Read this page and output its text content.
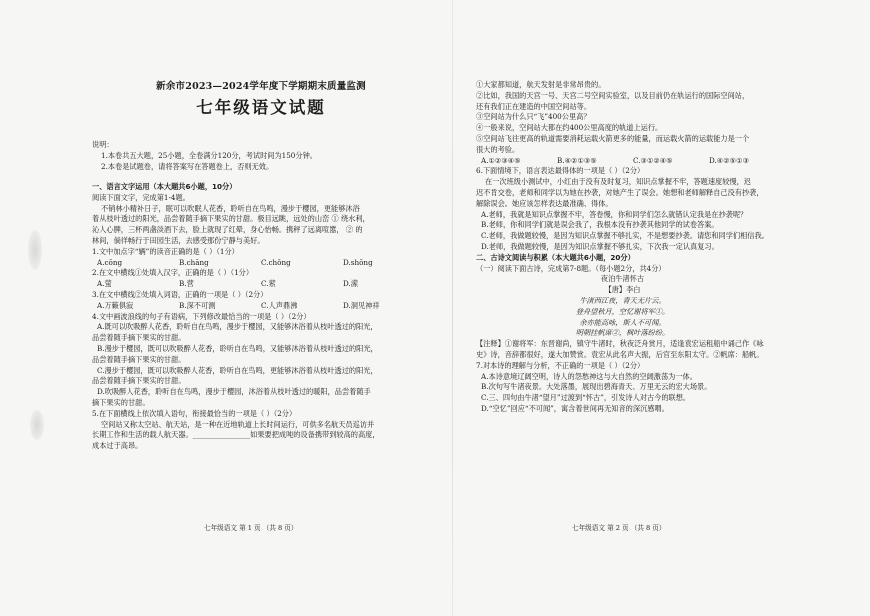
新余市2023—2024学年度下学期期末质量监测
七年级语文试题
说明：
1.本卷共五大题，25小题，全卷满分120分，考试时间为150分钟。
2.本卷是试题卷，请将答案写在答题卷上，否则无效。
一、语言文字运用（本大题共6小题，10分）
阅读下面文字，完成第1-4题。
不销林小精补日子，眠可以吹眠人花香，聆听自在鸟鸣，漫步于樱园，更能够沐浴
着从枝叶透过的阳光，品尝着随手摘下果实的甘甜。极目远眺，远处的山峦 ① 绕水利，
沁人心脾，三杯两盏淡酒下去，脸上就现了红晕，身心怡畅。携秤了远离喧嚣， ② 的
林间，倘徉畅行于田园生活，去感受那份宁静与美好。
1.文中加点字“辆”的读音正确的是（ ）（1分）
A.cōng	B.chāng	C.chǒng	D.shōng
2.在文中横线①处填入汉字，正确的是（ ）（1分）
A.萤	B.营	C.萦	D.潆
3.在文中横线②处填入词语，正确的一项是（ ）（2分）
A.万籁俱寂	B.深不可测	C.人声鼎沸	D.洞见神祥
4.文中画波浪线的句子有语病，下列修改最恰当的一项是（ ）（2分）
A.既可以吹吸醉人花香，聆听自在鸟鸣，漫步于樱园，又能够沐浴着从枝叶透过的阳光，
品尝着随手摘下果实的甘甜。
B.漫步于樱园，既可以吹吸醉人花香，聆听自在鸟鸣，又能够沐浴着从枝叶透过的阳光，
品尝着随手摘下果实的甘甜。
C.漫步于樱园，既可以吹吸醉人花香，聆听自在鸟鸣，更能够沐浴着从枝叶透过的阳光，
品尝着随手摘下果实的甘甜。
D.吹吸醉人花香，聆听自在鸟鸣，漫步于樱园，沐浴着从枝叶透过的暖阳，品尝着随手
摘下果实的甘甜。
5.在下面横线上依次填入语句，衔接最恰当的一项是（ ）（2分）
空间站又称太空站、航天站，是一种在近地轨道上长时间运行，可供多名航天员巡访并
长期工作和生活的载人航天器。________________如果要把成吨的设备携带到较高的高度，
成本过于高昂。
七年级语文 第 1 页 （共 8 页）
①大家都知道，航天发射是非常昂贵的。
②比如，我国的天宫一号、天宫二号空间实验室，以及目前仍在轨运行的国际空间站，
还有我们正在建造的中国空间站等。
③空间站为什么只“飞”400公里高？
④一般来说，空间站大都在约400公里高度的轨道上运行。
⑤空间站飞往更高的轨道需要消耗运载火箭更多的能量，而运载火箭的运载能力是一个
很大的考验。
A.①②③④⑤	B.④②①③⑤	C.③①②④⑤	D.④②⑤①③
6.下面情境下，语言表达最得体的一项是（ ）（2分）
在一次班级小测试中，小红由于没有及时复习，知识点掌握不牢，答题速度较慢，迟
迟不肯交卷，老师和同学以为她在抄袭，对她产生了误会。她想和老师解释自己没有抄袭，
解除误会。她应该怎样表达最准确、得体。
A.老师，我就是知识点掌握不牢，答卷慢，你和同学们怎么就错认定我是在抄袭呢？
B.老师，你和同学们就是误会我了，我根本没有抄袭其他同学的试卷答案。
C.老师，我做题较慢，是因为知识点掌握不够扎实，不是想要抄袭。请您和同学们相信我。
D.老师，我做题较慢，是因为知识点掌握不够扎实，下次我一定认真复习。
二、古诗文阅读与积累（本大题共6小题，20分）
（一）阅读下面古诗，完成第7-8题。（每小题2分，共4分）
夜泊牛渚怀古
【唐】李白
牛渚西江夜，青天无片云。
登舟望秋月，空忆谢将军①。
余亦能高咏，斯人不可闻。
明朝挂帆席②，枫叶落纷纷。
【注释】①谢将军：东晋谢尚，镇守牛渚时，秋夜泛舟赏月，适逢袁宏运租船中诵己作《咏
史》诗，音辞都很好，遂大加赞赏。袁宏从此名声大振，后官至东阳太守。②帆席：船帆。
7.对本诗的理解与分析，不正确的一项是（ ）（2分）
A.本诗意境辽阔空明，诗人的怨愁神这与大自然的空阔激荡为一体。
B.次句写牛渚夜景。大处落墨，展现出碧海青天、万里无云的宏大场景。
C.三、四句由牛渚“望月”过渡到“怀古”，引发诗人对古今的联想。
D.“空忆”回应“不可闻”，寓含着世间再无知音的深沉感喟。
七年级语文 第 2 页 （共 8 页）
